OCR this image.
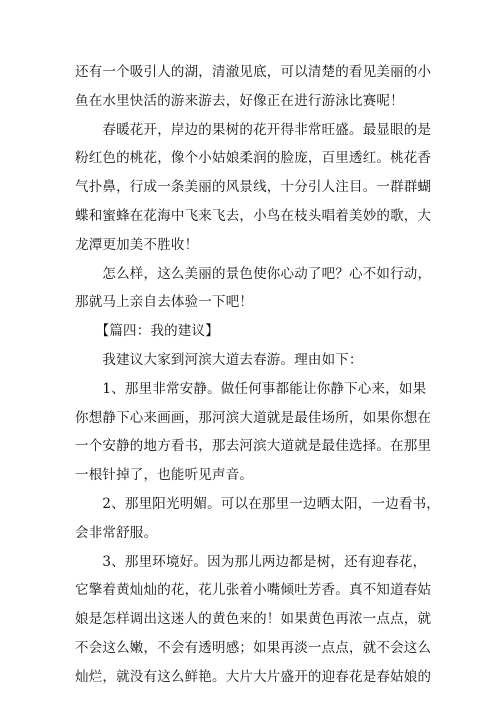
还有一个吸引人的湖，清澈见底，可以清楚的看见美丽的小
鱼在水里快活的游来游去，好像正在进行游泳比赛呢！
　　春暖花开，岸边的果树的花开得非常旺盛。最显眼的是
粉红色的桃花，像个小姑娘柔润的脸庞，百里透红。桃花香
气扑鼻，行成一条美丽的风景线，十分引人注目。一群群蝴
蝶和蜜蜂在花海中飞来飞去，小鸟在枝头唱着美妙的歌，大
龙潭更加美不胜收！
　　怎么样，这么美丽的景色使你心动了吧？心不如行动，
那就马上亲自去体验一下吧！
　　【篇四：我的建议】
　　我建议大家到河滨大道去春游。理由如下：
　　1、那里非常安静。做任何事都能让你静下心来，如果
你想静下心来画画，那河滨大道就是最佳场所，如果你想在
一个安静的地方看书，那去河滨大道就是最佳选择。在那里
一根针掉了，也能听见声音。
　　2、那里阳光明媚。可以在那里一边晒太阳，一边看书，
会非常舒服。
　　3、那里环境好。因为那儿两边都是树，还有迎春花，
它擎着黄灿灿的花，花儿张着小嘴倾吐芳香。真不知道春姑
娘是怎样调出这迷人的黄色来的！如果黄色再浓一点点，就
不会这么嫩，不会有透明感；如果再淡一点点，就不会这么
灿烂，就没有这么鲜艳。大片大片盛开的迎春花是春姑娘的
